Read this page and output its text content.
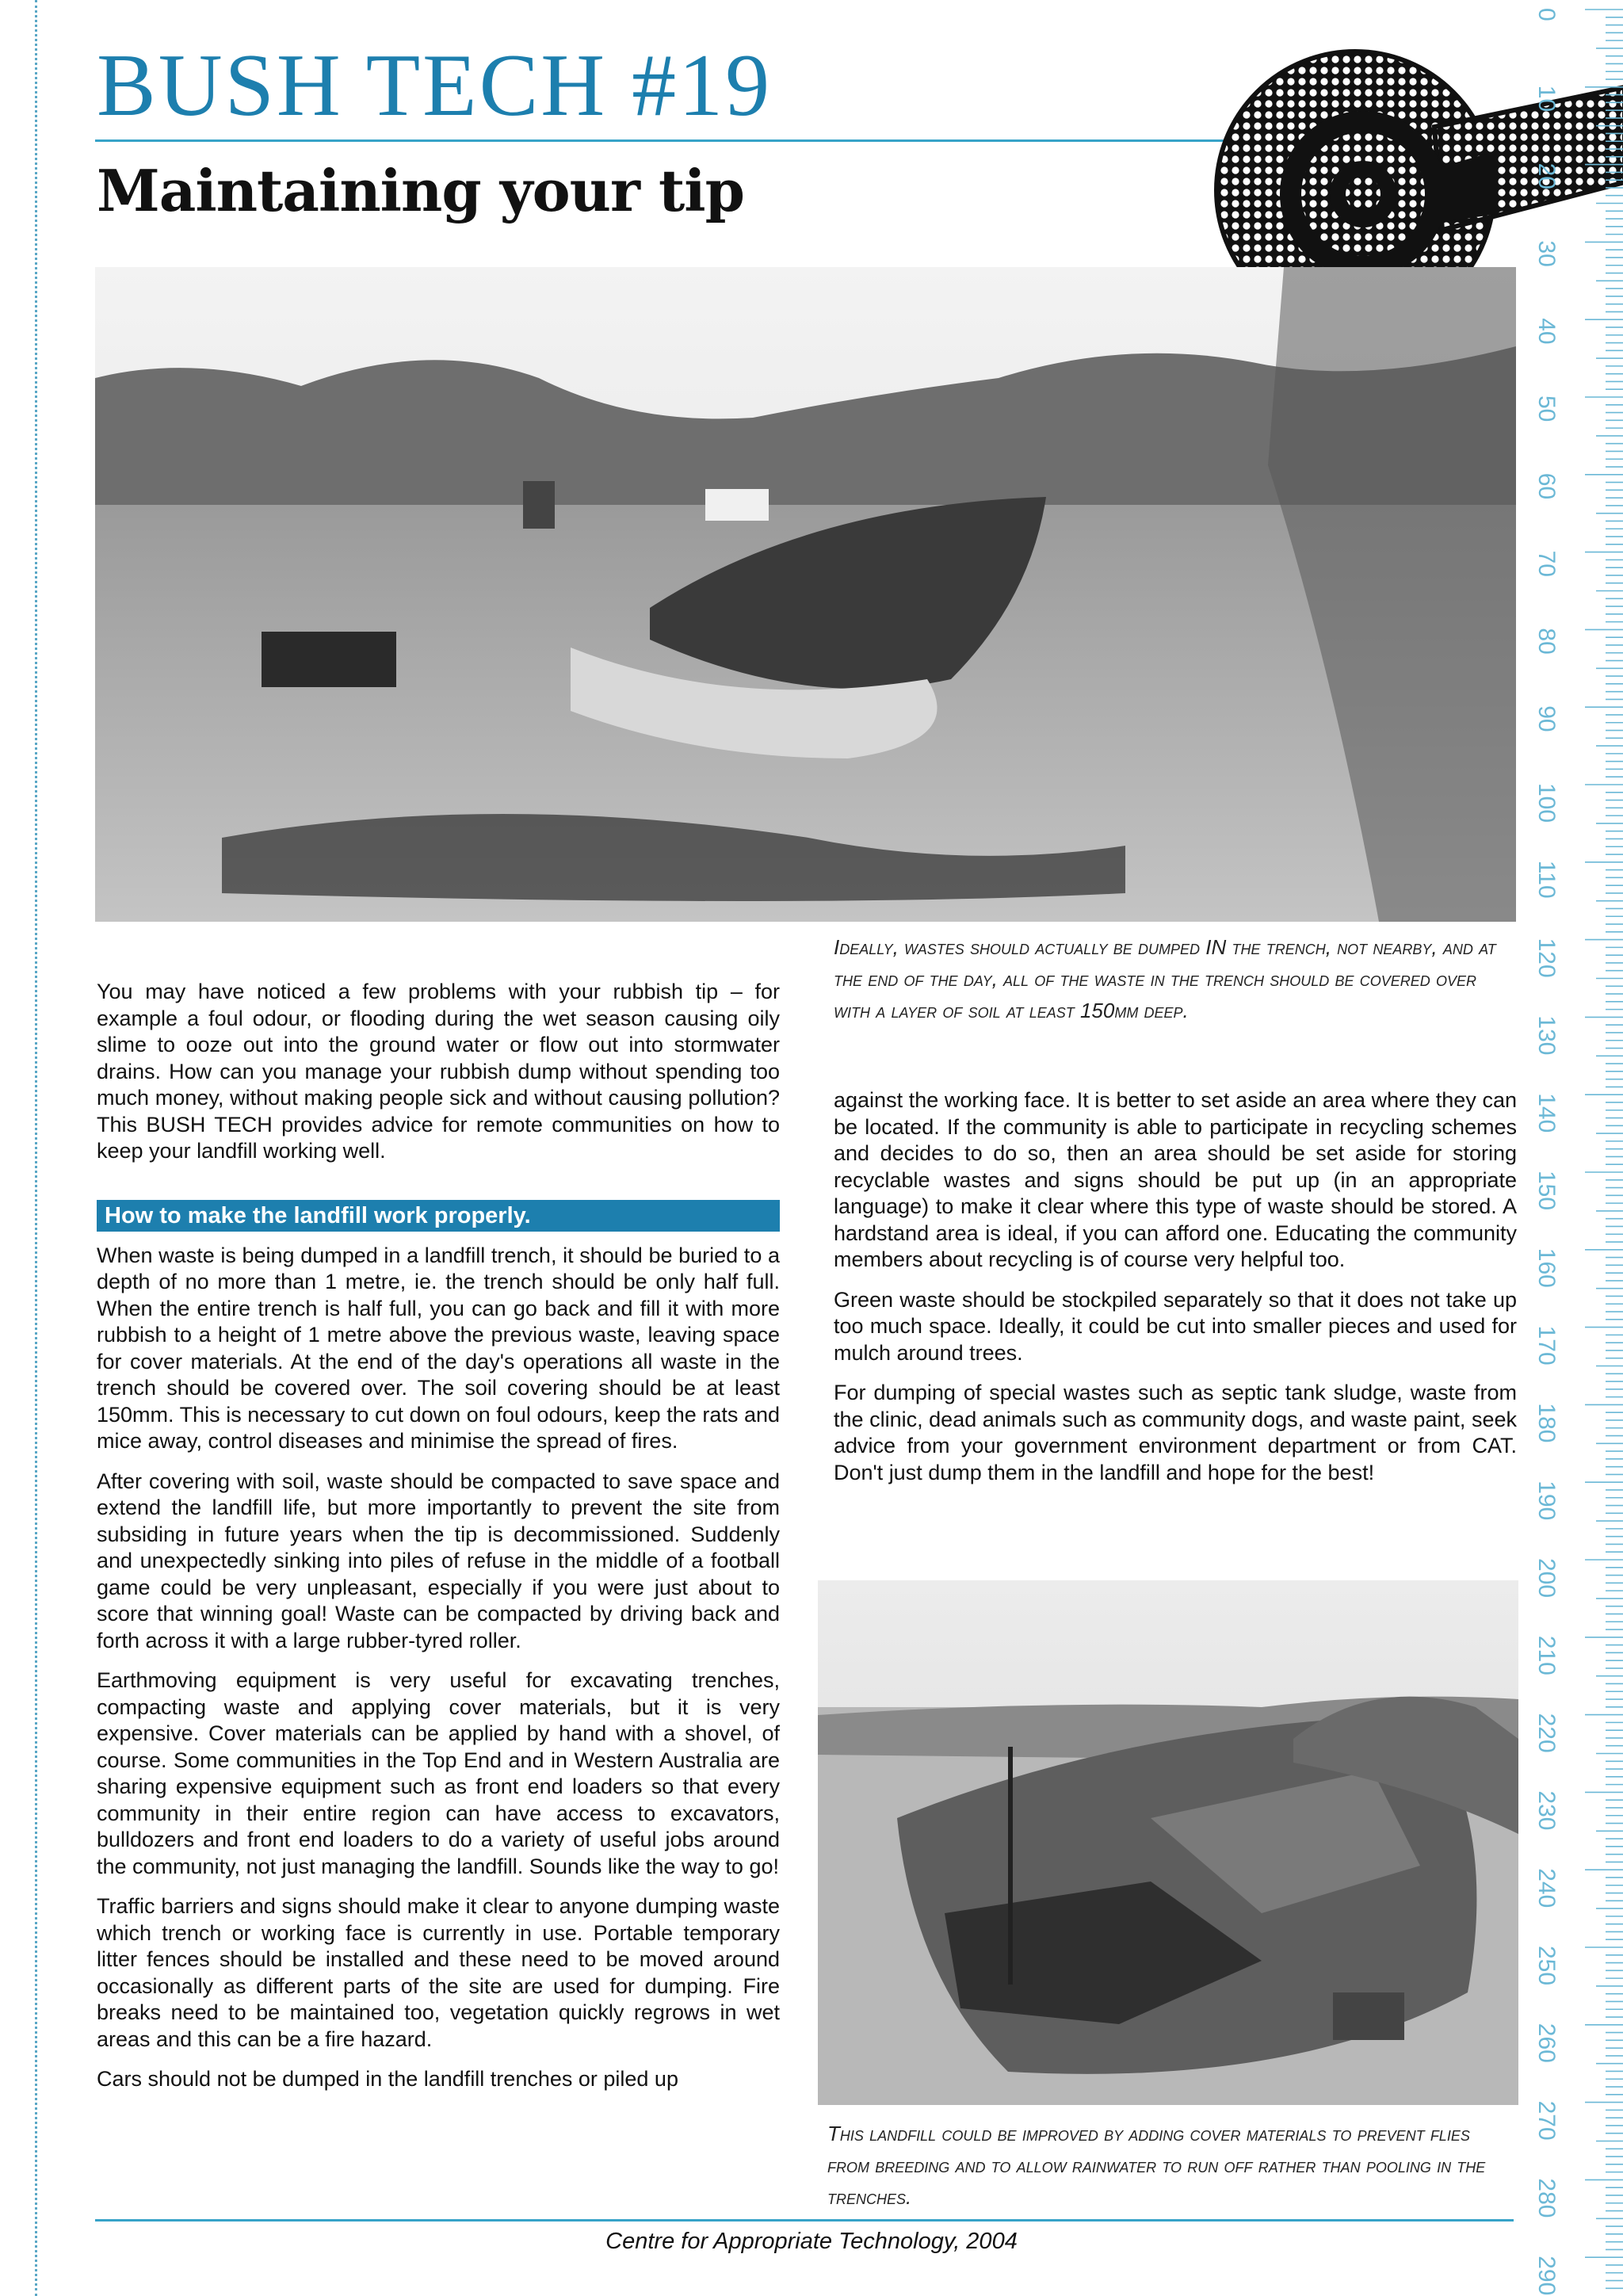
BUSH TECH #19
Maintaining your tip

Ideally, wastes should actually be dumped IN the trench, not nearby, and at the end of the day, all of the waste in the trench should be covered over with a layer of soil at least 150mm deep.

You may have noticed a few problems with your rubbish tip – for example a foul odour, or flooding during the wet season causing oily slime to ooze out into the ground water or flow out into stormwater drains. How can you manage your rubbish dump without spending too much money, without making people sick and without causing pollution? This BUSH TECH provides advice for remote communities on how to keep your landfill working well.

How to make the landfill work properly.

When waste is being dumped in a landfill trench, it should be buried to a depth of no more than 1 metre, ie. the trench should be only half full. When the entire trench is half full, you can go back and fill it with more rubbish to a height of 1 metre above the previous waste, leaving space for cover materials. At the end of the day's operations all waste in the trench should be covered over. The soil covering should be at least 150mm. This is necessary to cut down on foul odours, keep the rats and mice away, control diseases and minimise the spread of fires.

After covering with soil, waste should be compacted to save space and extend the landfill life, but more importantly to prevent the site from subsiding in future years when the tip is decommissioned. Suddenly and unexpectedly sinking into piles of refuse in the middle of a football game could be very unpleasant, especially if you were just about to score that winning goal! Waste can be compacted by driving back and forth across it with a large rubber-tyred roller.

Earthmoving equipment is very useful for excavating trenches, compacting waste and applying cover materials, but it is very expensive. Cover materials can be applied by hand with a shovel, of course. Some communities in the Top End and in Western Australia are sharing expensive equipment such as front end loaders so that every community in their entire region can have access to excavators, bulldozers and front end loaders to do a variety of useful jobs around the community, not just managing the landfill. Sounds like the way to go!

Traffic barriers and signs should make it clear to anyone dumping waste which trench or working face is currently in use. Portable temporary litter fences should be installed and these need to be moved around occasionally as different parts of the site are used for dumping. Fire breaks need to be maintained too, vegetation quickly regrows in wet areas and this can be a fire hazard.

Cars should not be dumped in the landfill trenches or piled up

against the working face. It is better to set aside an area where they can be located. If the community is able to participate in recycling schemes and decides to do so, then an area should be set aside for storing recyclable wastes and signs should be put up (in an appropriate language) to make it clear where this type of waste should be stored. A hardstand area is ideal, if you can afford one. Educating the community members about recycling is of course very helpful too.

Green waste should be stockpiled separately so that it does not take up too much space. Ideally, it could be cut into smaller pieces and used for mulch around trees.

For dumping of special wastes such as septic tank sludge, waste from the clinic, dead animals such as community dogs, and waste paint, seek advice from your government environment department or from CAT. Don't just dump them in the landfill and hope for the best!

This landfill could be improved by adding cover materials to prevent flies from breeding and to allow rainwater to run off rather than pooling in the trenches.

0
10
20
30
40
50
60
70
80
90
100
110
120
130
140
150
160
170
180
190
200
210
220
230
240
250
260
270
280
290

Centre for Appropriate Technology, 2004
